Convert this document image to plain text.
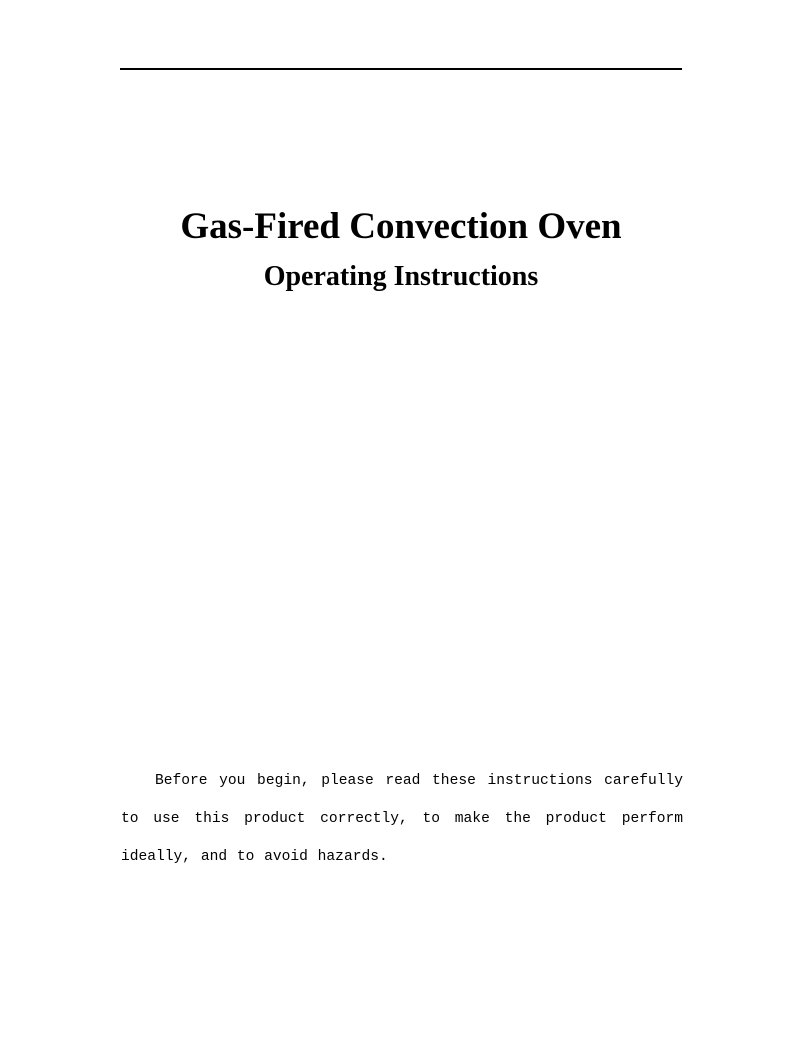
Gas-Fired Convection Oven
Operating Instructions

Before you begin, please read these instructions carefully to use this product correctly, to make the product perform ideally, and to avoid hazards.
